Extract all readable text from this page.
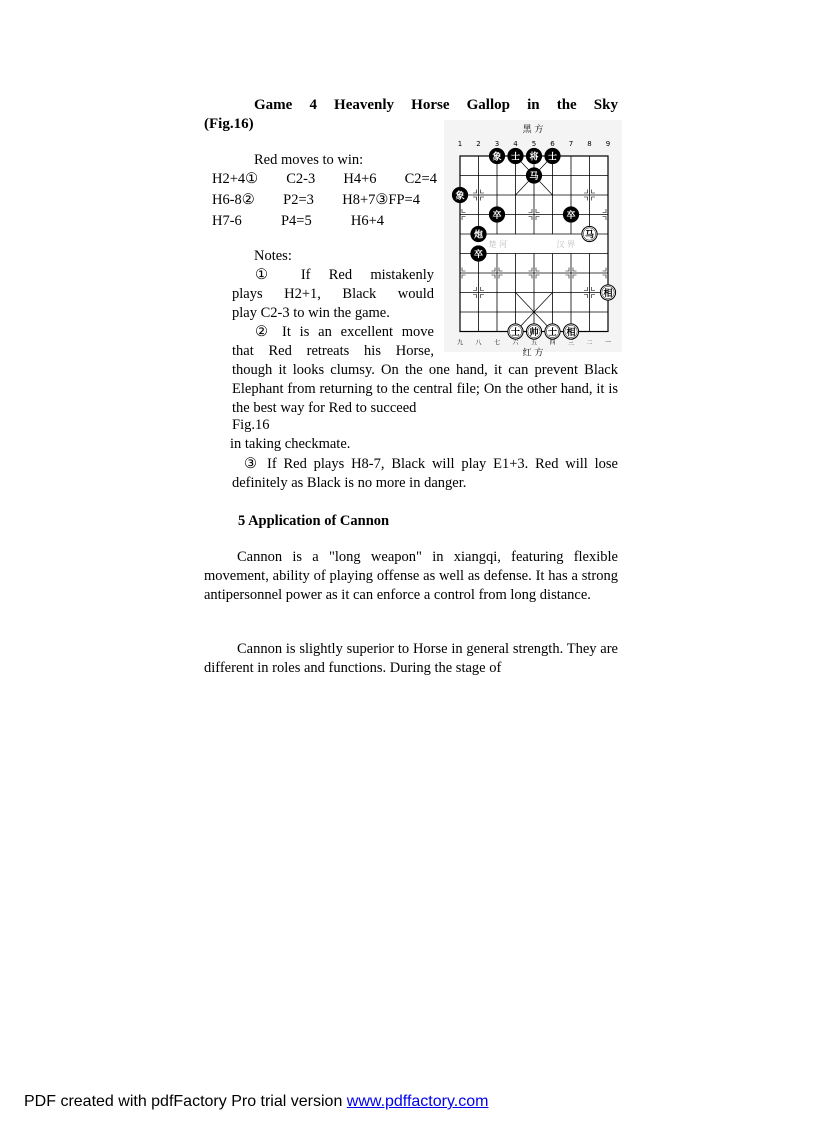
Game 4 Heavenly Horse Gallop in the Sky
(Fig.16)
楚 河	汉 界
黑 方
1 2 3 4 5 6 7 8 9
九 八 七 六 五 四 三 二 一
红 方
象 士 将 士
马
象
卒	卒
炮
卒
马
相
士 帅 士 相
Red moves to win:
H2+4① C2-3 H4+6 C2=4
H6-8② P2=3 H8+7③FP=4
H7-6	P4=5	H6+4
Notes:
① If Red mistakenly
plays H2+1, Black would
play C2-3 to win the game.
② It is an excellent move
that Red retreats his Horse,
though it looks clumsy. On the one hand, it can prevent Black Elephant from returning to the central file; On the other hand, it is the best way for Red to succeed
Fig.16
in taking checkmate.
③ If Red plays H8-7, Black will play E1+3. Red will lose definitely as Black is no more in danger.
5 Application of Cannon
Cannon is a "long weapon" in xiangqi, featuring flexible movement, ability of playing offense as well as defense. It has a strong antipersonnel power as it can enforce a control from long distance.
Cannon is slightly superior to Horse in general strength. They are different in roles and functions. During the stage of
PDF created with pdfFactory Pro trial version www.pdffactory.com
